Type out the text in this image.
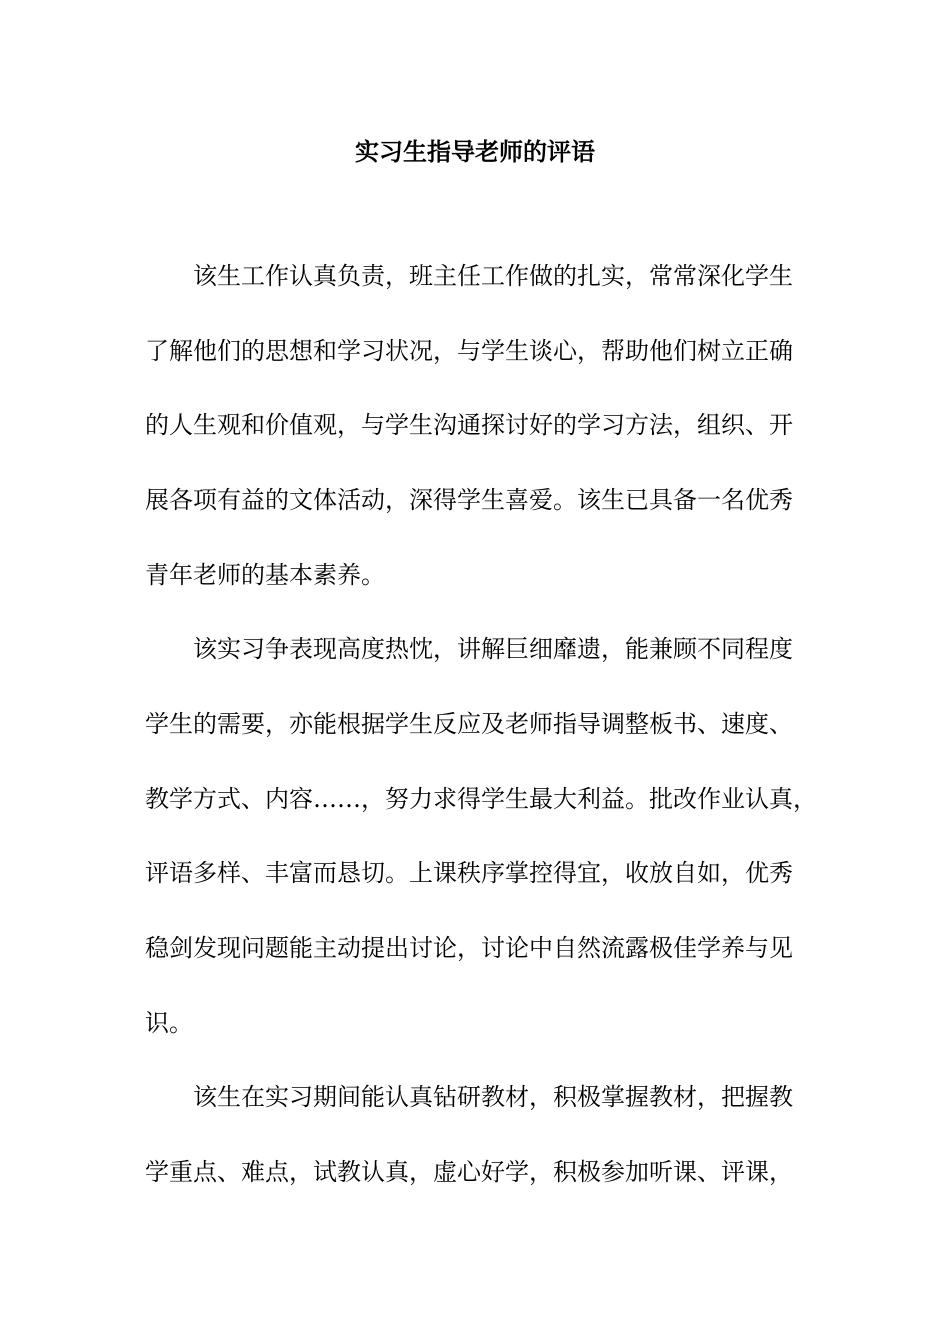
实习生指导老师的评语

该生工作认真负责，班主任工作做的扎实，常常深化学生

了解他们的思想和学习状况，与学生谈心，帮助他们树立正确

的人生观和价值观，与学生沟通探讨好的学习方法，组织、开

展各项有益的文体活动，深得学生喜爱。该生已具备一名优秀

青年老师的基本素养。

该实习争表现高度热忱，讲解巨细靡遗，能兼顾不同程度

学生的需要，亦能根据学生反应及老师指导调整板书、速度、

教学方式、内容……，努力求得学生最大利益。批改作业认真，

评语多样、丰富而恳切。上课秩序掌控得宜，收放自如，优秀

稳剑发现问题能主动提出讨论，讨论中自然流露极佳学养与见

识。

该生在实习期间能认真钻研教材，积极掌握教材，把握教

学重点、难点，试教认真，虚心好学，积极参加听课、评课，
